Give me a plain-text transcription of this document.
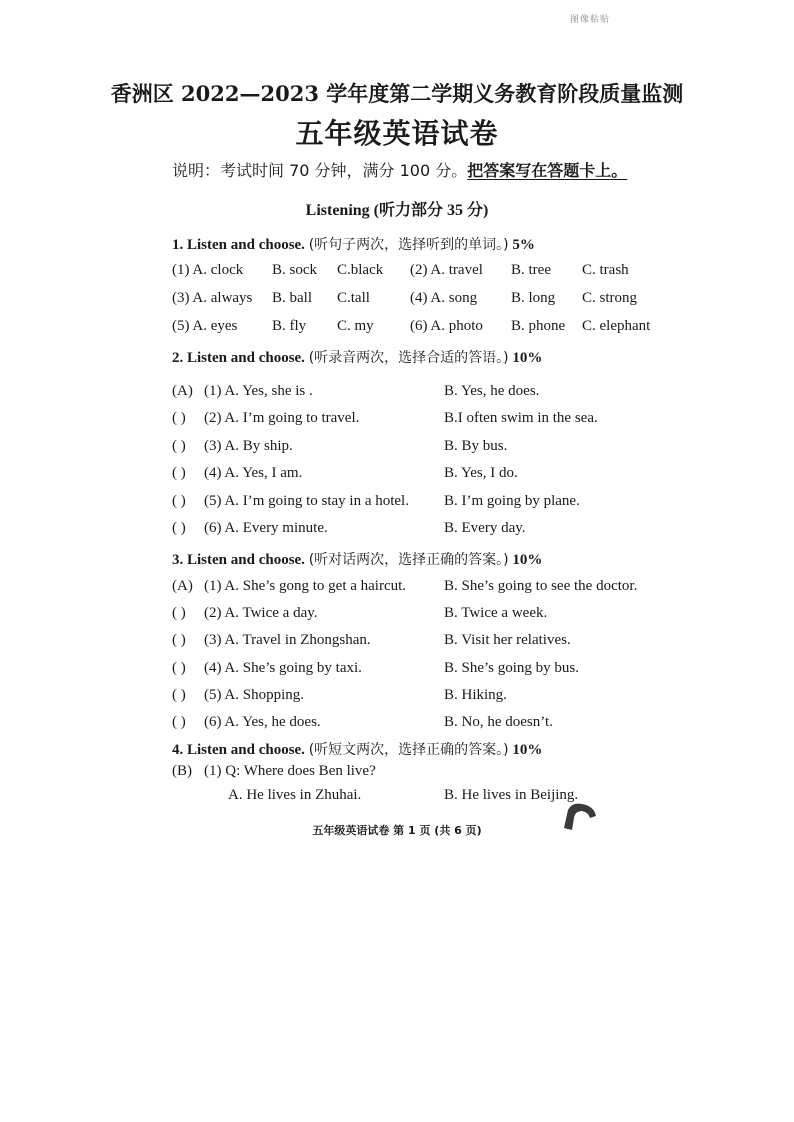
图像粘贴
香洲区 2022—2023 学年度第二学期义务教育阶段质量监测
五年级英语试卷
说明：考试时间 70 分钟，满分 100 分。把答案写在答题卡上。
Listening (听力部分 35 分)
1. Listen and choose. (听句子两次，选择听到的单词。) 5%
(1) A. clock B. sock C.black (2) A. travel B. tree C. trash
(3) A. always B. ball C.tall	(4) A. song B. long C. strong
(5) A. eyes B. fly C. my (6) A. photo B. phone C. elephant
2. Listen and choose. (听录音两次，选择合适的答语。) 10%
(A) (1) A. Yes, she is .	B. Yes, he does.
( ) (2) A. I’m going to travel.	B.I often swim in the sea.
( ) (3) A. By ship.	B. By bus.
( ) (4) A. Yes, I am.	B. Yes, I do.
( ) (5) A. I’m going to stay in a hotel. B. I’m going by plane.
( ) (6) A. Every minute.	B. Every day.
3. Listen and choose. (听对话两次，选择正确的答案。) 10%
(A) (1) A. She’s gong to get a haircut.	B. She’s going to see the doctor.
( ) (2) A. Twice a day.	B. Twice a week.
( ) (3) A. Travel in Zhongshan.	B. Visit her relatives.
( ) (4) A. She’s going by taxi.	B. She’s going by bus.
( ) (5) A. Shopping.	B. Hiking.
( ) (6) A. Yes, he does.	B. No, he doesn’t.
4. Listen and choose. (听短文两次，选择正确的答案。) 10%
(B) (1) Q: Where does Ben live?
A. He lives in Zhuhai.	B. He lives in Beijing.
五年级英语试卷 第 1 页 (共 6 页)
